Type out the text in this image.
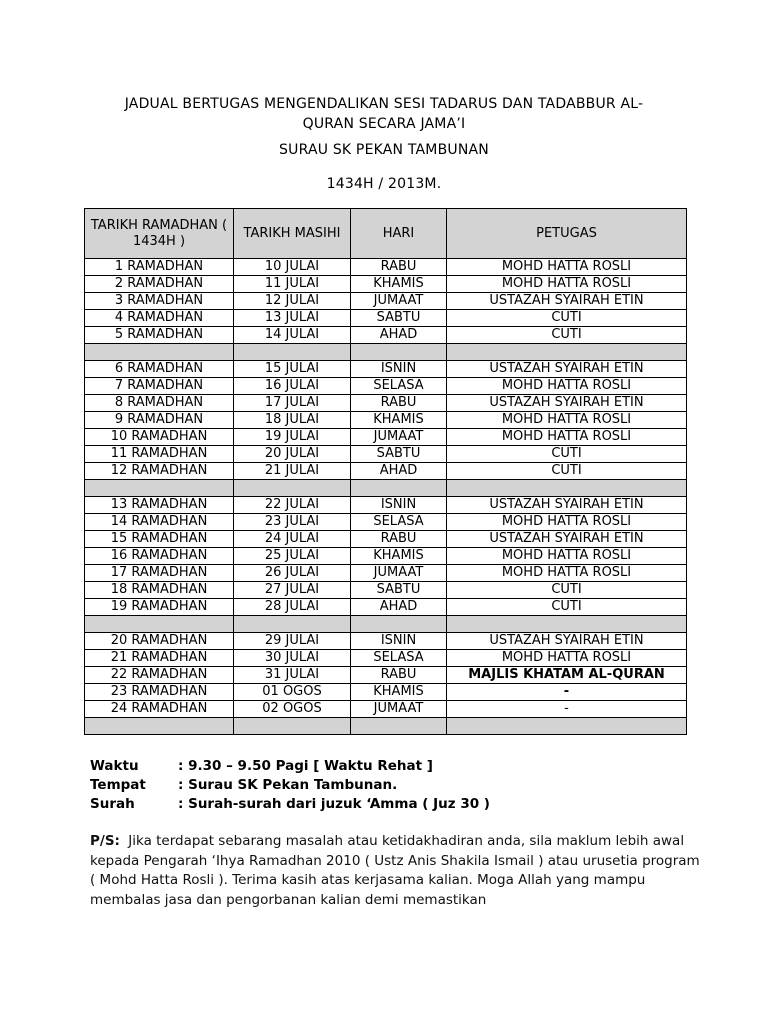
JADUAL BERTUGAS MENGENDALIKAN SESI TADARUS DAN TADABBUR AL-
QURAN SECARA JAMA’I
SURAU SK PEKAN TAMBUNAN
1434H / 2013M.
TARIKH RAMADHAN ( 1434H )	TARIKH MASIHI	HARI	PETUGAS
1 RAMADHAN	10 JULAI	RABU	MOHD HATTA ROSLI
2 RAMADHAN	11 JULAI	KHAMIS	MOHD HATTA ROSLI
3 RAMADHAN	12 JULAI	JUMAAT	USTAZAH SYAIRAH ETIN
4 RAMADHAN	13 JULAI	SABTU	CUTI
5 RAMADHAN	14 JULAI	AHAD	CUTI

6 RAMADHAN	15 JULAI	ISNIN	USTAZAH SYAIRAH ETIN
7 RAMADHAN	16 JULAI	SELASA	MOHD HATTA ROSLI
8 RAMADHAN	17 JULAI	RABU	USTAZAH SYAIRAH ETIN
9 RAMADHAN	18 JULAI	KHAMIS	MOHD HATTA ROSLI
10 RAMADHAN	19 JULAI	JUMAAT	MOHD HATTA ROSLI
11 RAMADHAN	20 JULAI	SABTU	CUTI
12 RAMADHAN	21 JULAI	AHAD	CUTI

13 RAMADHAN	22 JULAI	ISNIN	USTAZAH SYAIRAH ETIN
14 RAMADHAN	23 JULAI	SELASA	MOHD HATTA ROSLI
15 RAMADHAN	24 JULAI	RABU	USTAZAH SYAIRAH ETIN
16 RAMADHAN	25 JULAI	KHAMIS	MOHD HATTA ROSLI
17 RAMADHAN	26 JULAI	JUMAAT	MOHD HATTA ROSLI
18 RAMADHAN	27 JULAI	SABTU	CUTI
19 RAMADHAN	28 JULAI	AHAD	CUTI

20 RAMADHAN	29 JULAI	ISNIN	USTAZAH SYAIRAH ETIN
21 RAMADHAN	30 JULAI	SELASA	MOHD HATTA ROSLI
22 RAMADHAN	31 JULAI	RABU	MAJLIS KHATAM AL-QURAN
23 RAMADHAN	01 OGOS	KHAMIS	-
24 RAMADHAN	02 OGOS	JUMAAT	-

Waktu	: 9.30 – 9.50 Pagi [ Waktu Rehat ]
Tempat : Surau SK Pekan Tambunan.
Surah	: Surah-surah dari juzuk ‘Amma ( Juz 30 )
P/S: Jika terdapat sebarang masalah atau ketidakhadiran anda, sila maklum lebih awal kepada Pengarah ‘Ihya Ramadhan 2010 ( Ustz Anis Shakila Ismail ) atau urusetia program ( Mohd Hatta Rosli ). Terima kasih atas kerjasama kalian. Moga Allah yang mampu membalas jasa dan pengorbanan kalian demi memastikan
